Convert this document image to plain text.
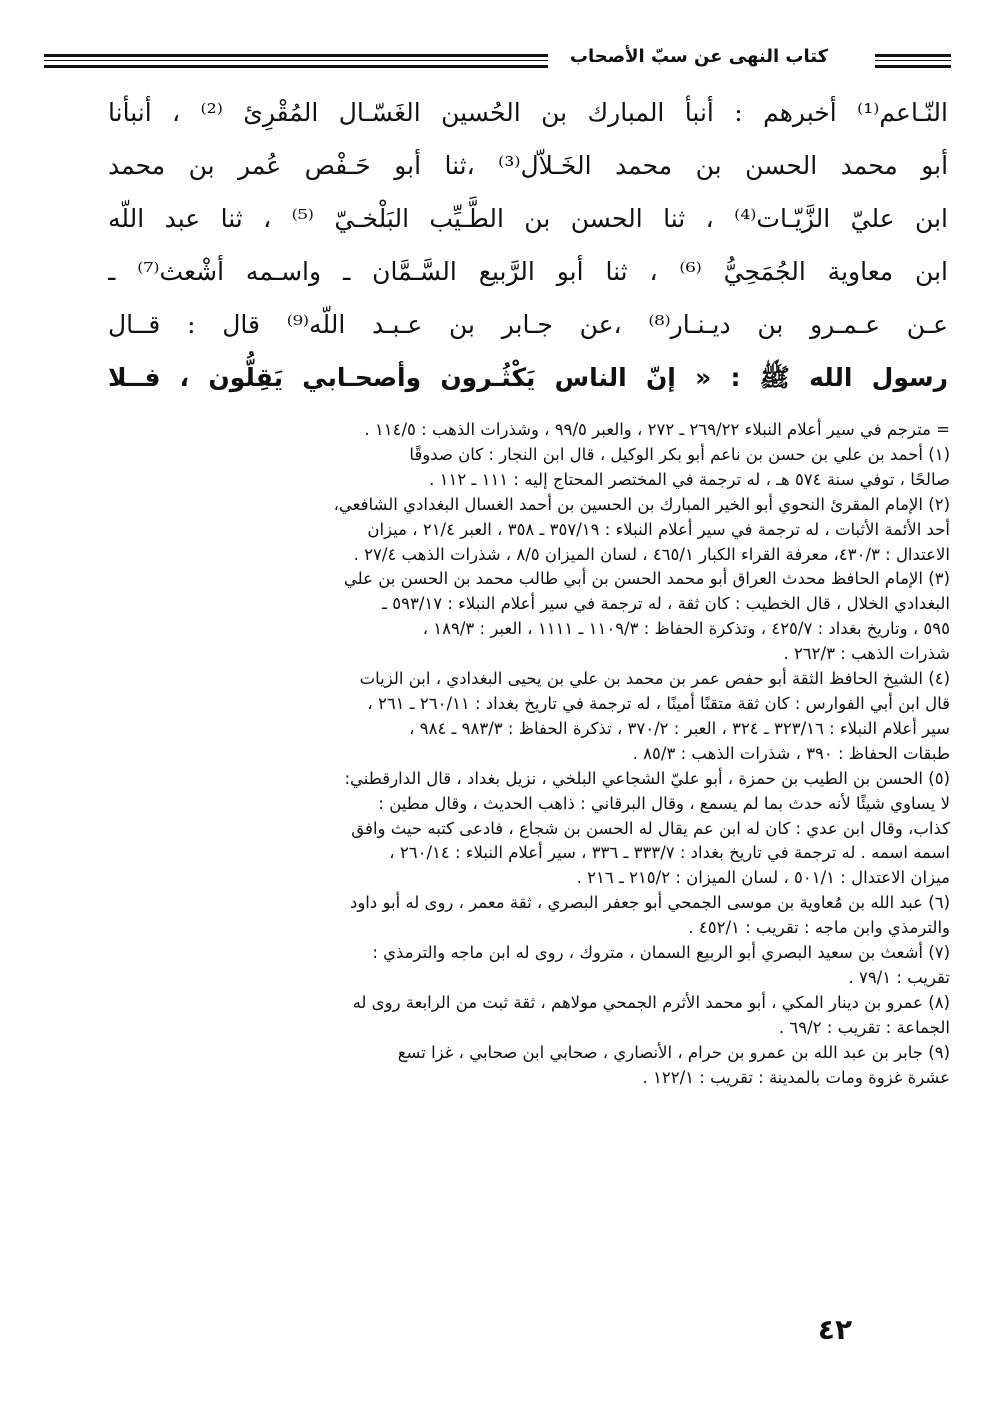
كتاب النهى عن سبّ الأصحاب
النّـاعم⁽¹⁾ أخبرهم : أنبأ المبارك بن الحُسين الغَسّـال المُقْرِئ ⁽²⁾ ، أنبأنا
أبو محمد الحسن بن محمد الخَـلاّل⁽³⁾ ،ثنا أبو حَـفْص عُمر بن محمد
ابن عليّ الزَّيّـات⁽⁴⁾ ، ثنا الحسن بن الطَّـيِّب البَلْخـيّ ⁽⁵⁾ ، ثنا عبد اللّه
ابن معاوية الجُمَحِيُّ ⁽⁶⁾ ، ثنا أبو الرَّبيع السَّـمَّان ـ واسـمه أشْعث⁽⁷⁾ ـ
عـن عـمـرو بن ديـنـار⁽⁸⁾ ،عن جـابر بن عـبـد اللّه⁽⁹⁾ قال : قــال
رسول الله ﷺ : « إنّ الناس يَكْثُـرون وأصحـابي يَقِلُّون ، فــلا
= مترجم في سير أعلام النبلاء ٢٦٩/٢٢ ـ ٢٧٢ ، والعبر ٩٩/٥ ، وشذرات الذهب : ١١٤/٥ .
(١) أحمد بن علي بن حسن بن ناعم أبو بكر الوكيل ، قال ابن النجار : كان صدوقًا
صالحًا ، توفي سنة ٥٧٤ هـ ، له ترجمة في المختصر المحتاج إليه : ١١١ ـ ١١٢ .
(٢) الإمام المقرئ النحوي أبو الخير المبارك بن الحسين بن أحمد الغسال البغدادي الشافعي،
أحد الأئمة الأثبات ، له ترجمة في سير أعلام النبلاء : ٣٥٧/١٩ ـ ٣٥٨ ، العبر ٢١/٤ ، ميزان
الاعتدال : ٤٣٠/٣، معرفة القراء الكبار ٤٦٥/١ ، لسان الميزان ٨/٥ ، شذرات الذهب ٢٧/٤ .
(٣) الإمام الحافظ محدث العراق أبو محمد الحسن بن أبي طالب محمد بن الحسن بن علي
البغدادي الخلال ، قال الخطيب : كان ثقة ، له ترجمة في سير أعلام النبلاء : ٥٩٣/١٧ ـ
٥٩٥ ، وتاريخ بغداد : ٤٢٥/٧ ، وتذكرة الحفاظ : ١١٠٩/٣ ـ ١١١١ ، العبر : ١٨٩/٣ ،
شذرات الذهب : ٢٦٢/٣ .
(٤) الشيخ الحافظ الثقة أبو حفص عمر بن محمد بن علي بن يحيى البغدادي ، ابن الزيات
قال ابن أبي الفوارس : كان ثقة متقنًا أمينًا ، له ترجمة في تاريخ بغداد : ٢٦٠/١١ ـ ٢٦١ ،
سير أعلام النبلاء : ٣٢٣/١٦ ـ ٣٢٤ ، العبر : ٣٧٠/٢ ، تذكرة الحفاظ : ٩٨٣/٣ ـ ٩٨٤ ،
طبقات الحفاظ : ٣٩٠ ، شذرات الذهب : ٨٥/٣ .
(٥) الحسن بن الطيب بن حمزة ، أبو عليّ الشجاعي البلخي ، نزيل بغداد ، قال الدارقطني:
لا يساوي شيئًا لأنه حدث بما لم يسمع ، وقال البرقاني : ذاهب الحديث ، وقال مطين :
كذاب، وقال ابن عدي : كان له ابن عم يقال له الحسن بن شجاع ، فادعى كتبه حيث وافق
اسمه اسمه . له ترجمة في تاريخ بغداد : ٣٣٣/٧ ـ ٣٣٦ ، سير أعلام النبلاء : ٢٦٠/١٤ ،
ميزان الاعتدال : ٥٠١/١ ، لسان الميزان : ٢١٥/٢ ـ ٢١٦ .
(٦) عبد الله بن مُعاوية بن موسى الجمحي أبو جعفر البصري ، ثقة معمر ، روى له أبو داود
والترمذي وابن ماجه : تقريب : ٤٥٢/١ .
(٧) أشعث بن سعيد البصري أبو الربيع السمان ، متروك ، روى له ابن ماجه والترمذي :
تقريب : ٧٩/١ .
(٨) عمرو بن دينار المكي ، أبو محمد الأثرم الجمحي مولاهم ، ثقة ثبت من الرابعة روى له
الجماعة : تقريب : ٦٩/٢ .
(٩) جابر بن عبد الله بن عمرو بن حرام ، الأنصاري ، صحابي ابن صحابي ، غزا تسع
عشرة غزوة ومات بالمدينة : تقريب : ١٢٢/١ .
٤٢
